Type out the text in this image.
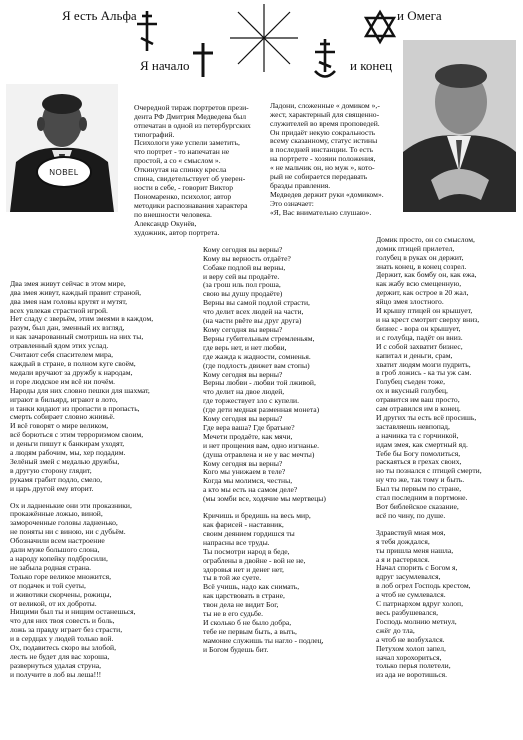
Я есть Альфа	и Омега
Я начало	и конец
NOBEL

Очередной тираж портретов прези-

дента РФ Дмитрия Медведева был

отпечатан в одной из петербургских

типографий.

Психологи уже успели заметить,

что портрет - то напечатан не

простой, а со « смыслом ».

Откинутая на спинку кресла

спина, свидетельствует об уверен-

ности в себе, - говорит Виктор

Пономаренко, психолог, автор

методики распознавания характера

по внешности человека.

Александр Окунёв,

художник, автор портрета.

Ладони, сложенные « домиком »,-

жест, характерный для священно-

служителей во время проповедей.

Он придаёт некую сокральность

всему сказанному, статус истины

в последней инстанции. То есть

на портрете - хозяин положения,

« не мальчик он, но муж », кото-

рый не собирается передавать

бразды правления.

Медведев держит руки «домиком».

Это означает:

«Я, Вас внимательно слушаю».

Два змея живут сейчас в этом мире,

два змея живут, каждый правит страной,

два змея нам головы крутят и мутят,

всех увлекая страстной игрой.

Нет сладу с зверьём, этим змеями в каждом,

разум, был дан, зменный их взгляд,

и как зачарованный смотришь на них ты,

отравленный ядом этих услад.

Считают себя спасителем мира,

каждый в стране, в полном куге своём,

медали вручают за дружбу к народам,

и горе людское им всё ни почём.

Народы для них словно пешки для шахмат,

играют в бильярд, играют в лото,

и танки кидают из пропасти в пропасть,

смерть собирает словно жнивьё.

И всё говорят о мире великом,

всё борються с этим террориэмом своим,

и деньги пишут к банкирам уходят,

а людям рабочим, мы, хер подадим.

Зелёный змей с медалью дружбы,

в другую сторону глядит,

рукамя грабит подло, смело,

и царь другой ему вторит.

Ох и ладненькие они эти проказники,

прокажённые ложью, виной,

замороченные головы ладненько,

не поняты ни с виною, ни с дубьём.

Обозначили всем настроение

дали муже большого слона,

а народу копейку подбросили,

не забыла родная страна.

Только горе великое множится,

от подачек и той суеты,

и животики скорчены, рожицы,

от великой, от их доброты.

Нищими был ты и нищим останешься,

что для них твоя совесть и боль,

ложь за правду играет без страсти,

и в сердцах у людей только вой.

Ох, подавитесь скоро вы злобой,

лесть не будет для вас хороша,

развернуться удалая струна,

и получите в лоб вы леша!!!

Кому сегодня вы верны?

Кому вы верность отдаёте?

Собаке подлой вы верны,

и веру сей вы продаёте.

(за грош иль пол гроша,

свою вы душу продаёте)

Верны вы самой подлой страсти,

что делит всех людей на части,

(на части рвёте вы друг друга)

Кому сегодня вы верны?

Верны губительным стремленьям,

где верь нет, и нет любви,

где жажда к жадности, сомненья.

(где подлость движет вам стопы)

Кому сегодня вы верны?

Верны любви - любви той лживой,

что делит на двое людей,

где торжествует зло с купели.

(где дети медная разменная монета)

Кому сегодня вы верны?

Где вера ваша? Где братьне?

Мечети продаёте, как мячи,

и нет прощения вам, одно изгнанье.

(душа отравлена и не у вас мечты)

Кому сегодня вы верны?

Кого мы унижаем в теле?

Когда мы молимся, честны,

а кто мы есть на самом деле?

(мы зомби все, ходячие мы мертвецы)

Кричишь и бредишь на весь мир,

как фарисей - наставник,

своим деянием гордишся ты

напрасны все труды.

Ты посмотри народ в беде,

ограблены в двойне - вой не не,

здоровья нет и денег нет,

ты в той же суете.

Всё учишь, надо как снимать,

как царствовать в стране,

твон дела не видит Бог,

ты не в его судьбе.

И сколько б не было добра,

тебе не первым быть, а выть,

мамоние служишь ты нагло - подлец,

и Богом будешь бит.

Домик просто, он со смыслом,

домик птицей прилетел,

голубец в руках он держит,

знать конец, в конец созрел.

Держит, как бомбу он, как ежа,

как жабу всю смещенную,

держит, как острое в 20 жал,

яйцо змея злостного.

И крышу птицей он крышует,

и на крест смотрит сверху вниз,

бизнес - вора он крышует,

и с голубца, падёт он вниз.

И с собой захватит бизнес,

капитал и деньги, срам,

хватит людям мозги пудрить,

в гроб ложись - ка ты уж сам.

Голубец съеден тоже,

ох и вкусный голубец,

отравится им ваш просто,

сам отравился им в конец.

И других ты есть всё просишь,

заставляешь невпопад,

а начинка та с горчинкой,

идам змея, как смертный яд.

Тебе бы Богу помолиться,

раскаяться в грехах своих,

но ты познался с птицей смерти,

ну что же, так тому и быть.

Был ты первым по стране,

стал последним в портмоне.

Вот библейское сказание,

всё по чину, по душе.

Здравствуй миая моя,

я тебя дождался,

ты пришла меня нашла,

а я и растерялся.

Начал спорить с Богом я,

вдруг засумлевался,

в лоб огрел Господь крестом,

а чтоб не сумлевался.

С патриархом вдруг холоп,

весь разбушевался,

Господь молнию метнул,

сжёг до тла,

а чтоб не возбухался.

Петухом холоп запел,

начал хорохориться,

только перья полетели,

из ада не воротишься.
